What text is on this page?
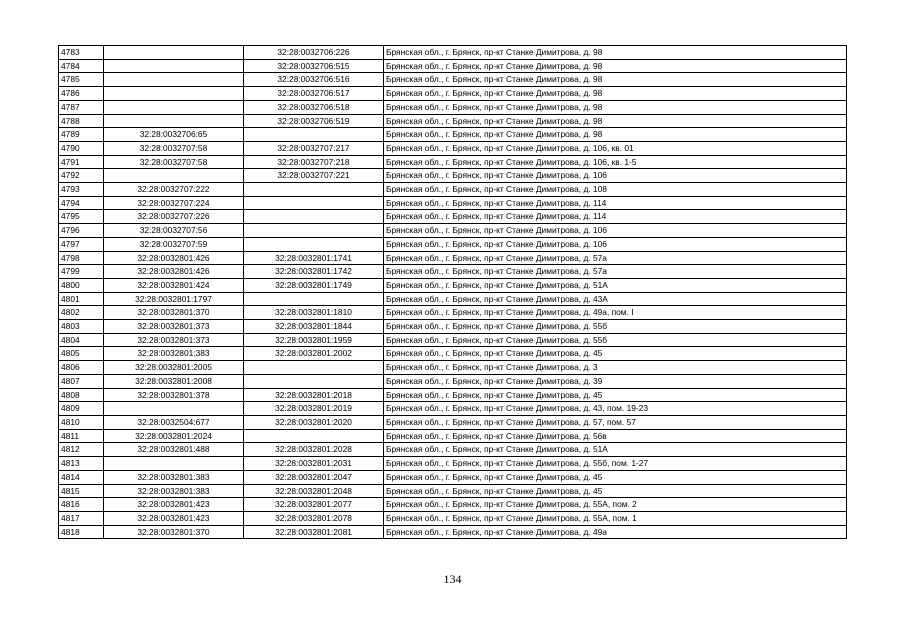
4783		32:28:0032706:226	Брянская обл., г. Брянск, пр-кт Станке Димитрова, д. 98
4784		32:28:0032706:515	Брянская обл., г. Брянск, пр-кт Станке Димитрова, д. 98
4785		32:28:0032706:516	Брянская обл., г. Брянск, пр-кт Станке Димитрова, д. 98
4786		32:28:0032706:517	Брянская обл., г. Брянск, пр-кт Станке Димитрова, д. 98
4787		32:28:0032706:518	Брянская обл., г. Брянск, пр-кт Станке Димитрова, д. 98
4788		32:28:0032706:519	Брянская обл., г. Брянск, пр-кт Станке Димитрова, д. 98
4789	32:28:0032706:65		Брянская обл., г. Брянск, пр-кт Станке Димитрова, д. 98
4790	32:28:0032707:58	32:28:0032707:217	Брянская обл., г. Брянск, пр-кт Станке Димитрова, д. 106, кв. 01
4791	32:28:0032707:58	32:28:0032707:218	Брянская обл., г. Брянск, пр-кт Станке Димитрова, д. 106, кв. 1-5
4792		32:28:0032707:221	Брянская обл., г. Брянск, пр-кт Станке Димитрова, д. 106
4793	32:28:0032707:222		Брянская обл., г. Брянск, пр-кт Станке Димитрова, д. 108
4794	32:28:0032707:224		Брянская обл., г. Брянск, пр-кт Станке Димитрова, д. 114
4795	32:28:0032707:226		Брянская обл., г. Брянск, пр-кт Станке Димитрова, д. 114
4796	32:28:0032707:56		Брянская обл., г. Брянск, пр-кт Станке Димитрова, д. 106
4797	32:28:0032707:59		Брянская обл., г. Брянск, пр-кт Станке Димитрова, д. 106
4798	32:28:0032801:426	32:28:0032801:1741	Брянская обл., г. Брянск, пр-кт Станке Димитрова, д. 57а
4799	32:28:0032801:426	32:28:0032801:1742	Брянская обл., г. Брянск, пр-кт Станке Димитрова, д. 57а
4800	32:28:0032801:424	32:28:0032801:1749	Брянская обл., г. Брянск, пр-кт Станке Димитрова, д. 51А
4801	32:28:0032801:1797		Брянская обл., г. Брянск, пр-кт Станке Димитрова, д. 43А
4802	32:28:0032801:370	32:28:0032801:1810	Брянская обл., г. Брянск, пр-кт Станке Димитрова, д. 49а, пом. I
4803	32:28:0032801:373	32:28:0032801:1844	Брянская обл., г. Брянск, пр-кт Станке Димитрова, д. 55б
4804	32:28:0032801:373	32:28:0032801:1959	Брянская обл., г. Брянск, пр-кт Станке Димитрова, д. 55б
4805	32:28:0032801:383	32:28:0032801:2002	Брянская обл., г. Брянск, пр-кт Станке Димитрова, д. 45
4806	32:28:0032801:2005		Брянская обл., г. Брянск, пр-кт Станке Димитрова, д. 3
4807	32:28:0032801:2008		Брянская обл., г. Брянск, пр-кт Станке Димитрова, д. 39
4808	32:28:0032801:378	32:28:0032801:2018	Брянская обл., г. Брянск, пр-кт Станке Димитрова, д. 45
4809		32:28:0032801:2019	Брянская обл., г. Брянск, пр-кт Станке Димитрова, д. 43, пом. 19-23
4810	32:28:0032504:677	32:28:0032801:2020	Брянская обл., г. Брянск, пр-кт Станке Димитрова, д. 57, пом. 57
4811	32:28:0032801:2024		Брянская обл., г. Брянск, пр-кт Станке Димитрова, д. 56в
4812	32:28:0032801:488	32:28:0032801:2028	Брянская обл., г. Брянск, пр-кт Станке Димитрова, д. 51А
4813		32:28:0032801:2031	Брянская обл., г. Брянск, пр-кт Станке Димитрова, д. 55б, пом. 1-27
4814	32:28:0032801:383	32:28:0032801:2047	Брянская обл., г. Брянск, пр-кт Станке Димитрова, д. 45
4815	32:28:0032801:383	32:28:0032801:2048	Брянская обл., г. Брянск, пр-кт Станке Димитрова, д. 45
4816	32:28:0032801:423	32:28:0032801:2077	Брянская обл., г. Брянск, пр-кт Станке Димитрова, д. 55А, пом. 2
4817	32:28:0032801:423	32:28:0032801:2078	Брянская обл., г. Брянск, пр-кт Станке Димитрова, д. 55А, пом. 1
4818	32:28:0032801:370	32:28:0032801:2081	Брянская обл., г. Брянск, пр-кт Станке Димитрова, д. 49а
134
